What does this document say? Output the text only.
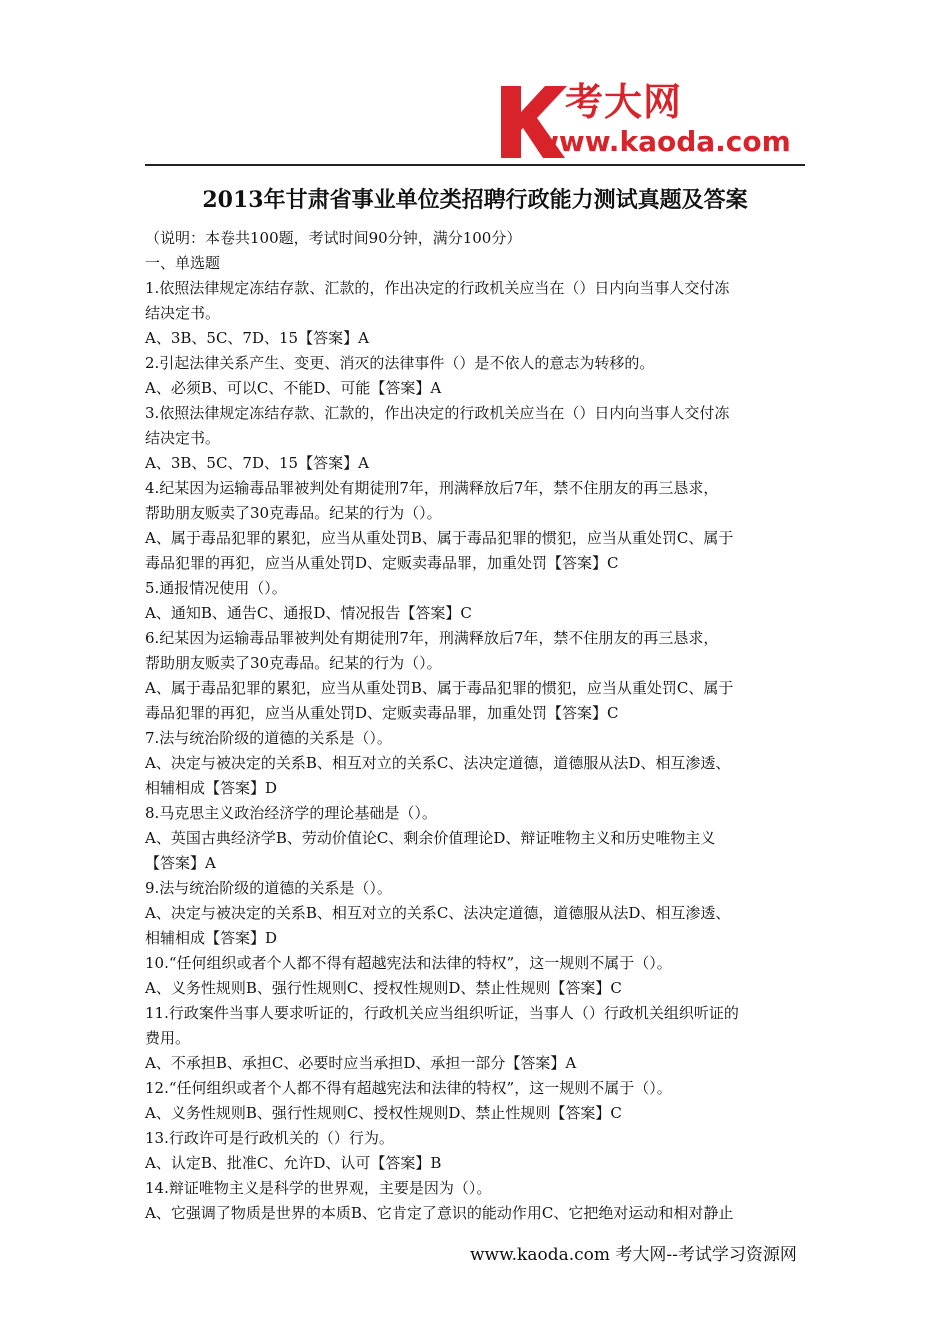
考大网
www.kaoda.com
2013年甘肃省事业单位类招聘行政能力测试真题及答案
（说明：本卷共100题，考试时间90分钟，满分100分）
一、单选题
1.依照法律规定冻结存款、汇款的，作出决定的行政机关应当在（）日内向当事人交付冻
结决定书。
A、3B、5C、7D、15【答案】A
2.引起法律关系产生、变更、消灭的法律事件（）是不依人的意志为转移的。
A、必须B、可以C、不能D、可能【答案】A
3.依照法律规定冻结存款、汇款的，作出决定的行政机关应当在（）日内向当事人交付冻
结决定书。
A、3B、5C、7D、15【答案】A
4.纪某因为运输毒品罪被判处有期徒刑7年，刑满释放后7年，禁不住朋友的再三恳求，
帮助朋友贩卖了30克毒品。纪某的行为（）。
A、属于毒品犯罪的累犯，应当从重处罚B、属于毒品犯罪的惯犯，应当从重处罚C、属于
毒品犯罪的再犯，应当从重处罚D、定贩卖毒品罪，加重处罚【答案】C
5.通报情况使用（）。
A、通知B、通告C、通报D、情况报告【答案】C
6.纪某因为运输毒品罪被判处有期徒刑7年，刑满释放后7年，禁不住朋友的再三恳求，
帮助朋友贩卖了30克毒品。纪某的行为（）。
A、属于毒品犯罪的累犯，应当从重处罚B、属于毒品犯罪的惯犯，应当从重处罚C、属于
毒品犯罪的再犯，应当从重处罚D、定贩卖毒品罪，加重处罚【答案】C
7.法与统治阶级的道德的关系是（）。
A、决定与被决定的关系B、相互对立的关系C、法决定道德，道德服从法D、相互渗透、
相辅相成【答案】D
8.马克思主义政治经济学的理论基础是（）。
A、英国古典经济学B、劳动价值论C、剩余价值理论D、辩证唯物主义和历史唯物主义
【答案】A
9.法与统治阶级的道德的关系是（）。
A、决定与被决定的关系B、相互对立的关系C、法决定道德，道德服从法D、相互渗透、
相辅相成【答案】D
10.“任何组织或者个人都不得有超越宪法和法律的特权”，这一规则不属于（）。
A、义务性规则B、强行性规则C、授权性规则D、禁止性规则【答案】C
11.行政案件当事人要求听证的，行政机关应当组织听证，当事人（）行政机关组织听证的
费用。
A、不承担B、承担C、必要时应当承担D、承担一部分【答案】A
12.“任何组织或者个人都不得有超越宪法和法律的特权”，这一规则不属于（）。
A、义务性规则B、强行性规则C、授权性规则D、禁止性规则【答案】C
13.行政许可是行政机关的（）行为。
A、认定B、批准C、允许D、认可【答案】B
14.辩证唯物主义是科学的世界观，主要是因为（）。
A、它强调了物质是世界的本质B、它肯定了意识的能动作用C、它把绝对运动和相对静止
www.kaoda.com 考大网--考试学习资源网
